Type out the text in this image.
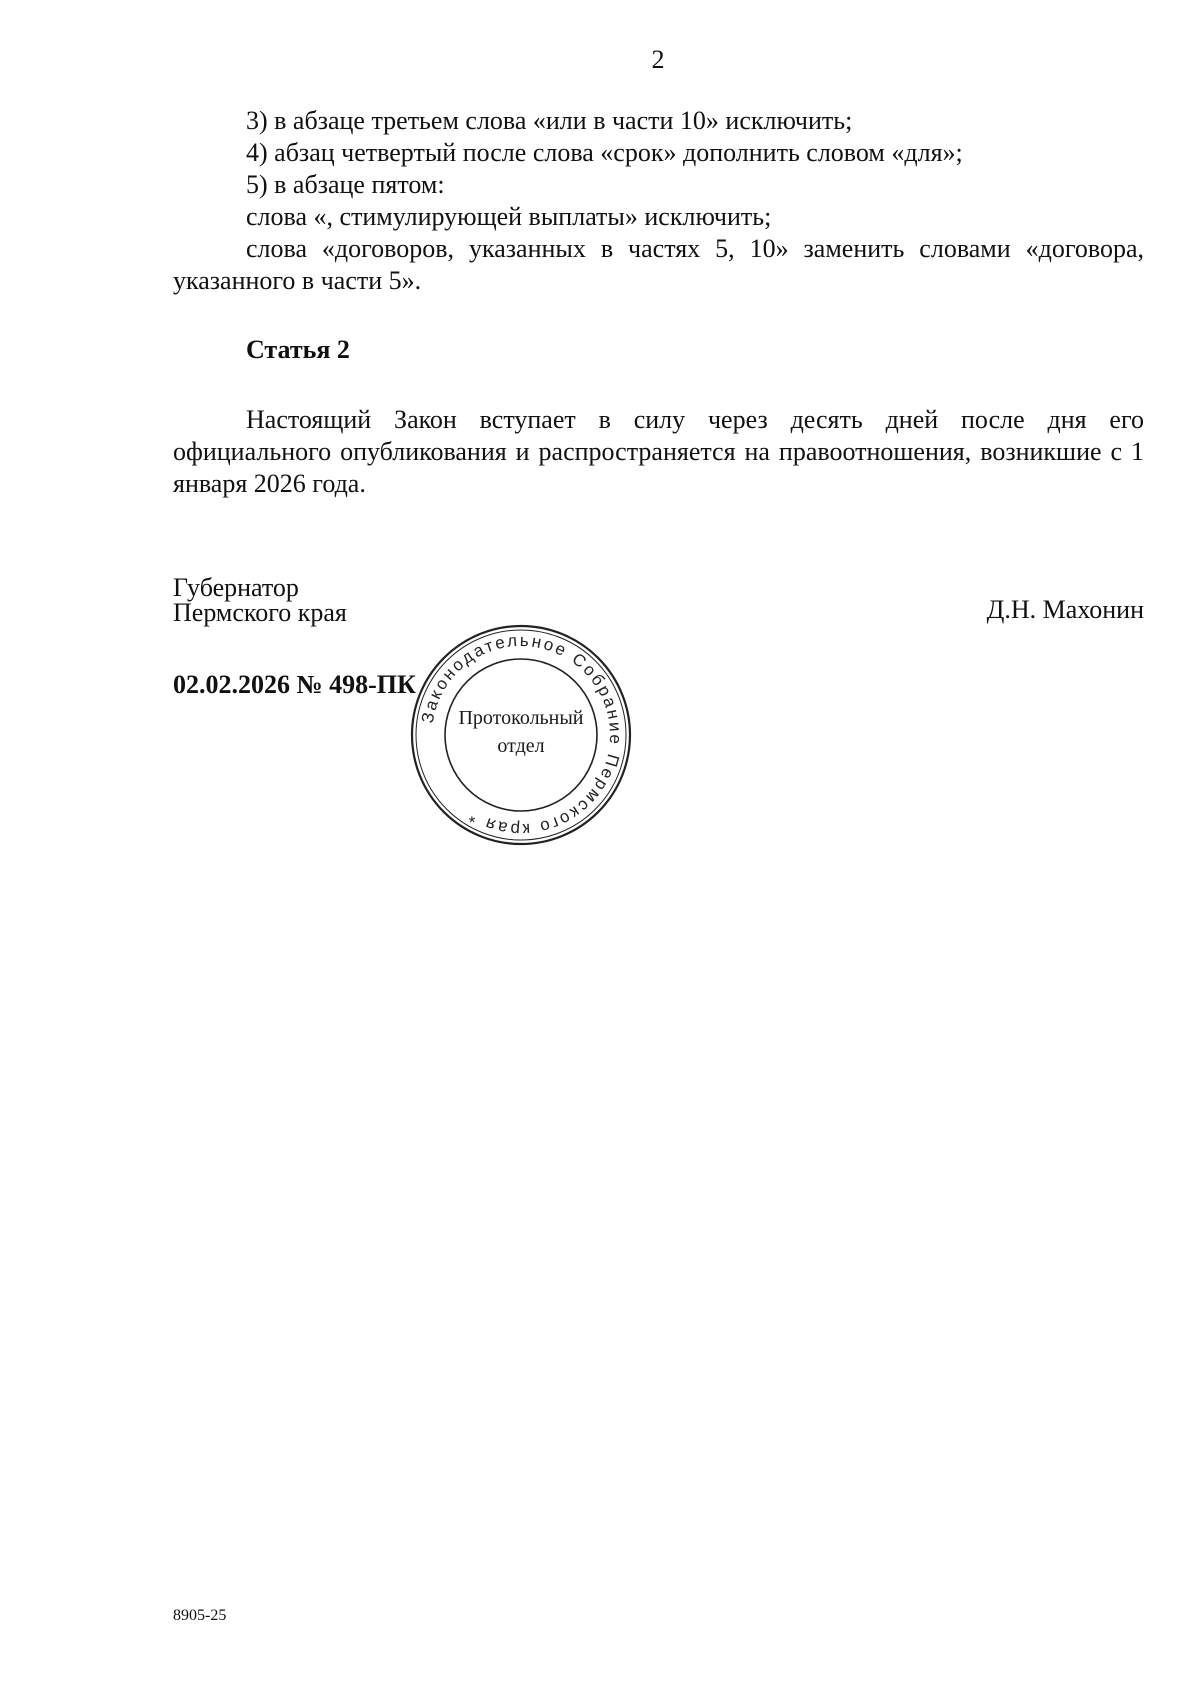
2

3) в абзаце третьем слова «или в части 10» исключить;

4) абзац четвертый после слова «срок» дополнить словом «для»;

5) в абзаце пятом:

слова «, стимулирующей выплаты» исключить;

слова «договоров, указанных в частях 5, 10» заменить словами «договора, указанного в части 5».

Статья 2

Настоящий Закон вступает в силу через десять дней после дня его официального опубликования и распространяется на правоотношения, возникшие с 1 января 2026 года.

Губернатор
Пермского края	Д.Н. Махонин
02.02.2026 № 498-ПК
Законодательное Собрание Пермского края *
Протокольный
отдел
8905-25
